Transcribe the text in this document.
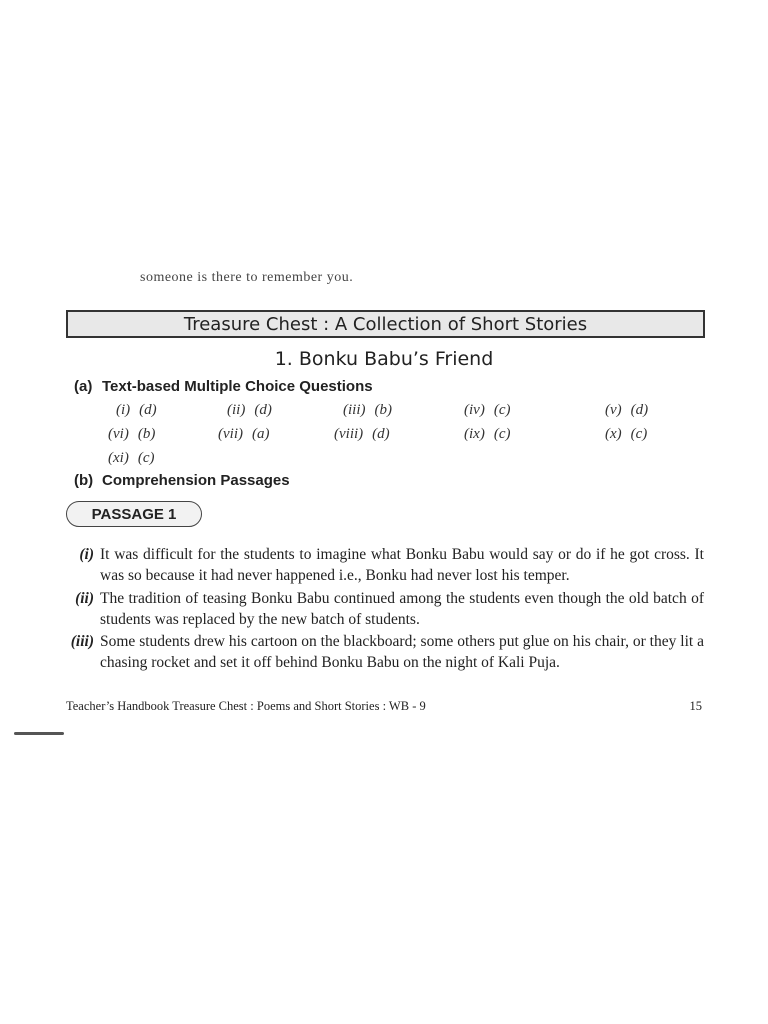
someone is there to remember you.
Treasure Chest : A Collection of Short Stories
1. Bonku Babu’s Friend
(a) Text-based Multiple Choice Questions
(i) (d)	(ii) (d)	(iii) (b)	(iv) (c)	(v) (d)
(vi) (b)	(vii) (a)	(viii) (d)	(ix) (c)	(x) (c)
(xi) (c)
(b) Comprehension Passages
PASSAGE 1
(i) It was difficult for the students to imagine what Bonku Babu would say or do if he got cross. It was so because it had never happened i.e., Bonku had never lost his temper.
(ii) The tradition of teasing Bonku Babu continued among the students even though the old batch of students was replaced by the new batch of students.
(iii) Some students drew his cartoon on the blackboard; some others put glue on his chair, or they lit a chasing rocket and set it off behind Bonku Babu on the night of Kali Puja.
Teacher’s Handbook Treasure Chest : Poems and Short Stories : WB - 9	15
